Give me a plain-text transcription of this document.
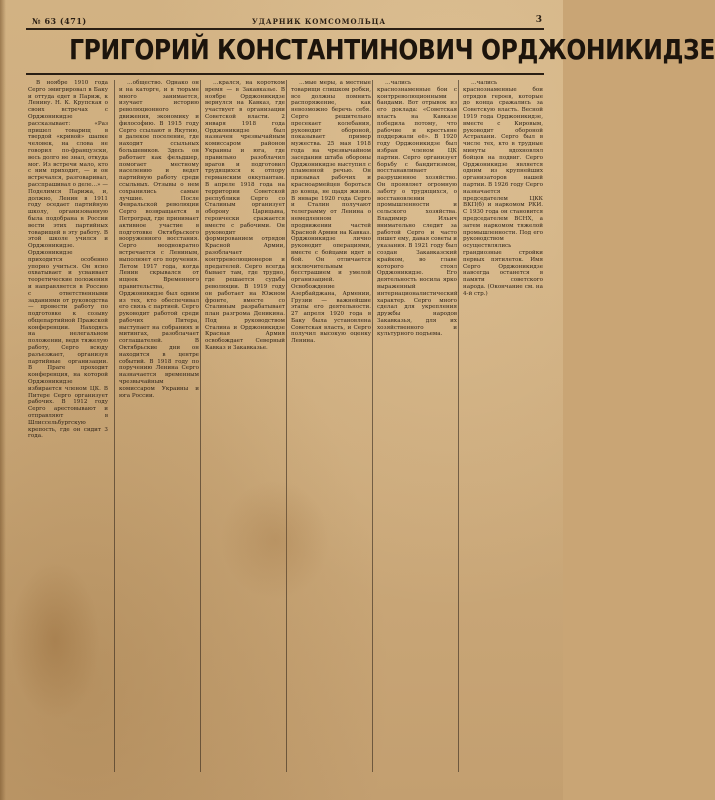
№ 63 (471)	УДАРНИК КОМСОМОЛЬЦА	3
ГРИГОРИЙ КОНСТАНТИНОВИЧ ОРДЖОНИКИДЗЕ

В ноябре 1910 года Серго эмигрировал в Баку и оттуда едет в Париж, к Ленину. Н. К. Крупская о своих встречах с Орджоникидзе рассказывает: «Раз пришел товарищ в твердой «кривой» шапке человек, на слова не говорил по-французски, весь долго не знал, откуда мог. Из встречи мало, кто с ним приходит, — и он встречался, разговаривал, расспрашивал о деле…» — Поделимся Парижа, и, должно, Ленин в 1911 году оседает партийную школу, организованную была подобрана в России вести этих партийных товарищей в эту работу. В этой школе учился и Орджоникидзе. Орджоникидзе приходится особенно упорно учиться. Он ясно охватывает и усваивает теоретические положения и направляется в Россию с ответственными заданиями от руководства — провести работу по подготовке к созыву общепартийной Пражской конференции. Находясь на нелегальном положении, ведя тяжелую работу, Серго всюду разъезжает, организуя партийные организации. В Праге проходит конференция, на которой Орджоникидзе избирается членом ЦК. В Питере Серго организует рабочих. В 1912 году Серго арестовывают и отправляют в Шлиссельбургскую крепость, где он сидит 3 года.

…общество. Однако он и на каторге, и в тюрьме много занимается, изучает историю революционного движения, экономику и философию. В 1915 году Серго ссылают в Якутию, в далекое поселение, где находит ссыльных большевиков. Здесь он работает как фельдшер, помогает местному населению и ведет партийную работу среди ссыльных. Отзывы о нем сохранились самые лучшие. После Февральской революции Серго возвращается в Петроград, где принимает активное участие в подготовке Октябрьского вооруженного восстания. Серго неоднократно встречается с Лениным, выполняет его поручения. Летом 1917 года, когда Ленин скрывался от ищеек Временного правительства, Орджоникидзе был одним из тех, кто обеспечивал его связь с партией. Серго руководит работой среди рабочих Питера, выступает на собраниях и митингах, разоблачает соглашателей. В Октябрьские дни он находится в центре событий. В 1918 году по поручению Ленина Серго назначается временным чрезвычайным комиссаром Украины и юга России.

…крался, на коротком время — в Закавказье. В ноябре Орджоникидзе вернулся на Кавказ, где участвует в организации Советской власти. 2 января 1918 года Орджоникидзе был назначен чрезвычайным комиссаром районов Украины и юга, где правильно разоблачил врагов и подготовил трудящихся к отпору германским оккупантам. В апреле 1918 года на территории Советской республики Серго со Сталиным организует оборону Царицына, героически сражается вместе с рабочими. Он руководит формированием отрядов Красной Армии, разоблачает контрреволюционеров и предателей. Серго всегда бывает там, где трудно, где решается судьба революции. В 1919 году он работает на Южном фронте, вместе со Сталиным разрабатывает план разгрома Деникина. Под руководством Сталина и Орджоникидзе Красная Армия освобождает Северный Кавказ и Закавказье.

…мые меры, а местные товарищи слишком робки, все должны помнить распоряжение, как невозможно беречь себя. Серго решительно пресекает колебания, руководит обороной, показывает пример мужества. 25 мая 1918 года на чрезвычайном заседании штаба обороны Орджоникидзе выступил с пламенной речью. Он призывал рабочих и красноармейцев бороться до конца, не щадя жизни. В январе 1920 года Серго и Сталин получают телеграмму от Ленина о немедленном продвижении частей Красной Армии на Кавказ. Орджоникидзе лично руководит операциями, вместе с бойцами идет в бой. Он отличается исключительным бесстрашием и умелой организацией. Освобождение Азербайджана, Армении, Грузии — важнейшие этапы его деятельности. 27 апреля 1920 года в Баку была установлена Советская власть, и Серго получил высокую оценку Ленина.

…чались краснознаменные бои с контрреволюционными бандами. Вот отрывок из его доклада: «Советская власть на Кавказе победила потому, что рабочие и крестьяне поддержали её». В 1920 году Орджоникидзе был избран членом ЦК партии. Серго организует борьбу с бандитизмом, восстанавливает разрушенное хозяйство. Он проявляет огромную заботу о трудящихся, о восстановлении промышленности и сельского хозяйства. Владимир Ильич внимательно следит за работой Серго и часто пишет ему, давая советы и указания. В 1921 году был создан Закавказский крайком, во главе которого стоял Орджоникидзе. Его деятельность носила ярко выраженный интернационалистический характер. Серго много сделал для укрепления дружбы народов Закавказья, для их хозяйственного и культурного подъема.

…чались краснознаменные бои отрядов героев, которые до конца сражались за Советскую власть. Весной 1919 года Орджоникидзе, вместе с Кировым, руководит обороной Астрахани. Серго был в числе тех, кто в трудные минуты вдохновлял бойцов на подвиг. Серго Орджоникидзе является одним из крупнейших организаторов нашей партии. В 1926 году Серго назначается председателем ЦКК ВКП(б) и наркомом РКИ. С 1930 года он становится председателем ВСНХ, а затем наркомом тяжелой промышленности. Под его руководством осуществлялись грандиозные стройки первых пятилеток. Имя Серго Орджоникидзе навсегда останется в памяти советского народа. (Окончание см. на 4-й стр.)
